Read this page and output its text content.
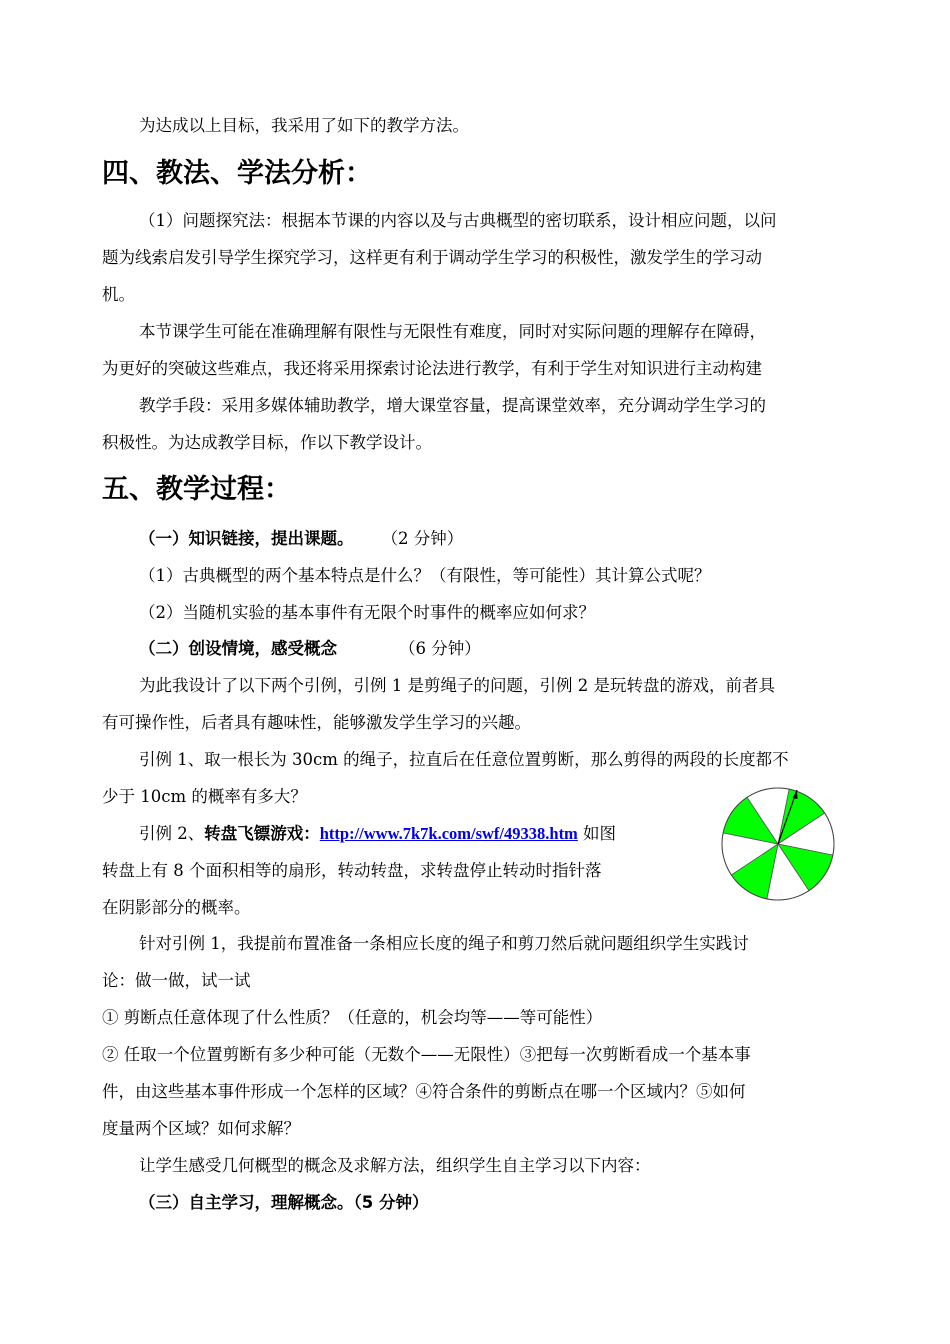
为达成以上目标，我采用了如下的教学方法。

四、教法、学法分析：

（1）问题探究法：根据本节课的内容以及与古典概型的密切联系，设计相应问题，以问

题为线索启发引导学生探究学习，这样更有利于调动学生学习的积极性，激发学生的学习动

机。

本节课学生可能在准确理解有限性与无限性有难度，同时对实际问题的理解存在障碍，

为更好的突破这些难点，我还将采用探索讨论法进行教学，有利于学生对知识进行主动构建

教学手段：采用多媒体辅助教学，增大课堂容量，提高课堂效率，充分调动学生学习的

积极性。为达成教学目标，作以下教学设计。

五、教学过程：

（一）知识链接，提出课题。 （2 分钟）

（1）古典概型的两个基本特点是什么？（有限性，等可能性）其计算公式呢？

（2）当随机实验的基本事件有无限个时事件的概率应如何求？

（二）创设情境，感受概念	（6 分钟）

为此我设计了以下两个引例，引例 1 是剪绳子的问题，引例 2 是玩转盘的游戏，前者具

有可操作性，后者具有趣味性，能够激发学生学习的兴趣。

引例 1、取一根长为 30cm 的绳子，拉直后在任意位置剪断，那么剪得的两段的长度都不

少于 10cm 的概率有多大？

引例 2、转盘飞镖游戏：http://www.7k7k.com/swf/49338.htm 如图

转盘上有 8 个面积相等的扇形，转动转盘，求转盘停止转动时指针落

在阴影部分的概率。

针对引例 1，我提前布置准备一条相应长度的绳子和剪刀然后就问题组织学生实践讨

论：做一做，试一试

① 剪断点任意体现了什么性质？（任意的，机会均等——等可能性）

② 任取一个位置剪断有多少种可能（无数个——无限性）③把每一次剪断看成一个基本事

件，由这些基本事件形成一个怎样的区域？④符合条件的剪断点在哪一个区域内？⑤如何

度量两个区域？如何求解？

让学生感受几何概型的概念及求解方法，组织学生自主学习以下内容：

（三）自主学习，理解概念。（5 分钟）
